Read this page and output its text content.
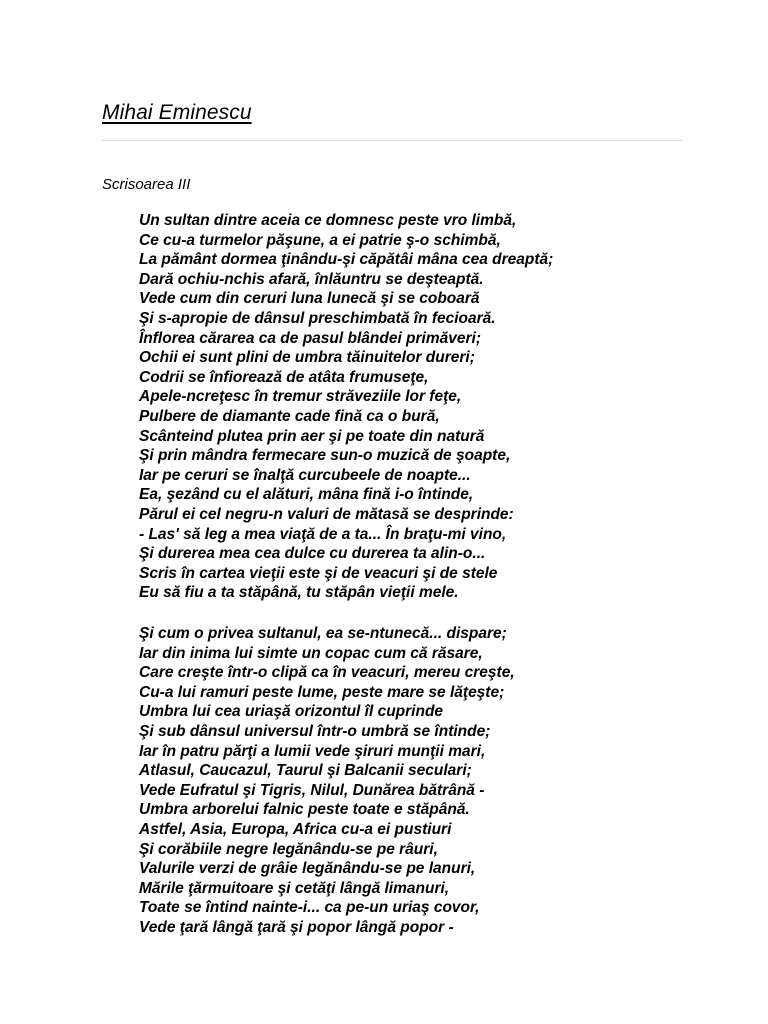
Mihai Eminescu
Scrisoarea III
Un sultan dintre aceia ce domnesc peste vro limbă,
Ce cu-a turmelor păşune, a ei patrie ş-o schimbă,
La pământ dormea ţinându-şi căpătâi mâna cea dreaptă;
Dară ochiu-nchis afară, înlăuntru se deşteaptă.
Vede cum din ceruri luna lunecă şi se coboară
Şi s-apropie de dânsul preschimbată în fecioară.
Înflorea cărarea ca de pasul blândei primăveri;
Ochii ei sunt plini de umbra tăinuitelor dureri;
Codrii se înfiorează de atâta frumuseţe,
Apele-ncreţesc în tremur străveziile lor feţe,
Pulbere de diamante cade fină ca o bură,
Scânteind plutea prin aer şi pe toate din natură
Şi prin mândra fermecare sun-o muzică de şoapte,
Iar pe ceruri se înalţă curcubeele de noapte...
Ea, şezând cu el alături, mâna fină i-o întinde,
Părul ei cel negru-n valuri de mătasă se desprinde:
- Las' să leg a mea viaţă de a ta... În braţu-mi vino,
Şi durerea mea cea dulce cu durerea ta alin-o...
Scris în cartea vieţii este şi de veacuri şi de stele
Eu să fiu a ta stăpână, tu stăpân vieţii mele.
Şi cum o privea sultanul, ea se-ntunecă... dispare;
Iar din inima lui simte un copac cum că răsare,
Care creşte într-o clipă ca în veacuri, mereu creşte,
Cu-a lui ramuri peste lume, peste mare se lăţeşte;
Umbra lui cea uriaşă orizontul îl cuprinde
Şi sub dânsul universul într-o umbră se întinde;
Iar în patru părţi a lumii vede şiruri munţii mari,
Atlasul, Caucazul, Taurul şi Balcanii seculari;
Vede Eufratul şi Tigris, Nilul, Dunărea bătrână -
Umbra arborelui falnic peste toate e stăpână.
Astfel, Asia, Europa, Africa cu-a ei pustiuri
Şi corăbiile negre legănându-se pe râuri,
Valurile verzi de grâie legănându-se pe lanuri,
Mările ţărmuitoare şi cetăţi lângă limanuri,
Toate se întind nainte-i... ca pe-un uriaş covor,
Vede ţară lângă ţară şi popor lângă popor -
